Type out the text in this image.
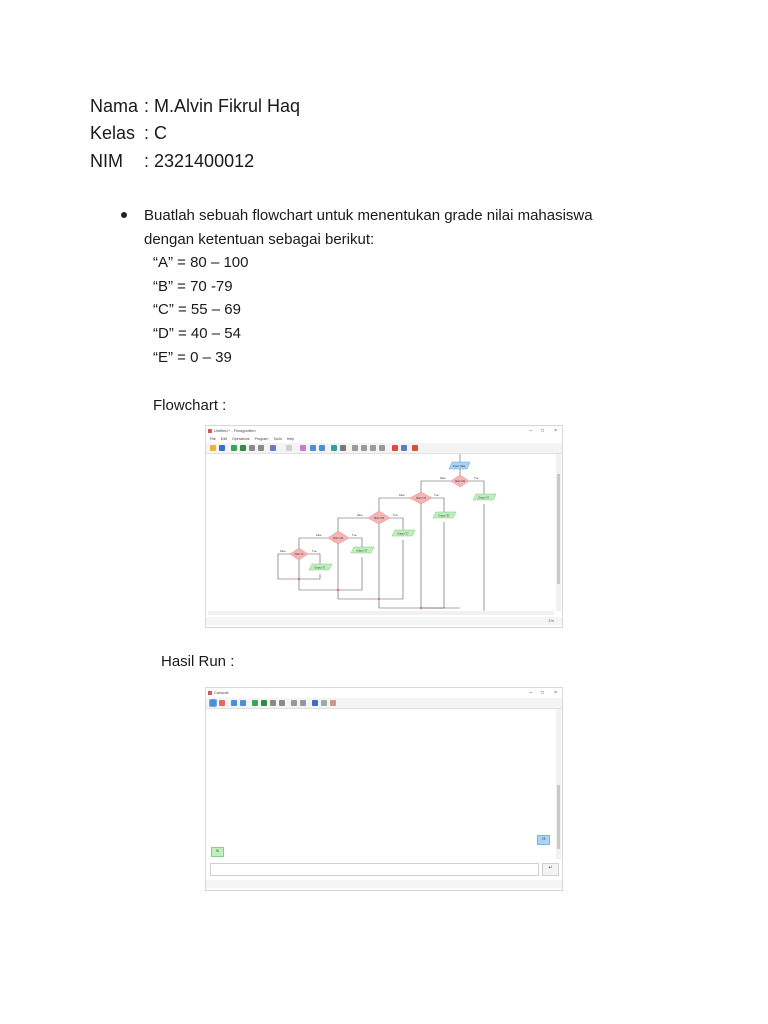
Nama : M.Alvin Fikrul Haq
Kelas : C
NIM : 2321400012
Buatlah sebuah flowchart untuk menentukan grade nilai mahasiswa
dengan ketentuan sebagai berikut:
“A” = 80 – 100
“B” = 70 -79
“C” = 55 – 69
“D” = 40 – 54
“E” = 0 – 39
Flowchart :
Untitled * - Flowgorithm	– □ ×
File Edit Operations Program Tools Help
Input Nilai
Nilai>=80
Nilai>=70
Nilai>=55
Nilai>=40
Nilai>=0
Output "A"
Output "B"
Output "C"
Output "D"
Output "E"
False	True
False	True
False	True
False	True
False	True
1%
Hasil Run :
Console	– □ ×
78
B
↵
